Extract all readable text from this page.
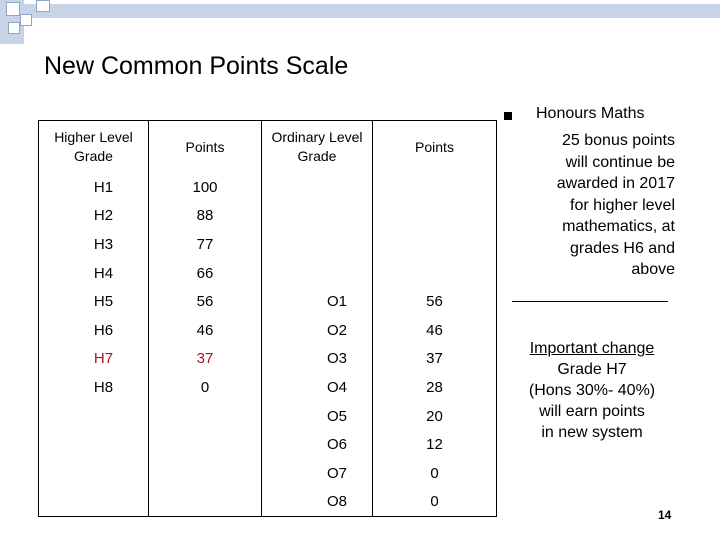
New Common Points Scale
Higher Level Grade	Points	Ordinary Level Grade	Points
H1	100		
H2	88		
H3	77		
H4	66		
H5	56	O1	56
H6	46	O2	46
H7	37	O3	37
H8	0	O4	28
		O5	20
		O6	12
		O7	0
		O8	0
Honours Maths
25 bonus points
will continue be
awarded in 2017
for higher level
mathematics, at
grades H6 and
above
Important change
Grade H7
(Hons 30%- 40%)
will earn points
in new system
14
